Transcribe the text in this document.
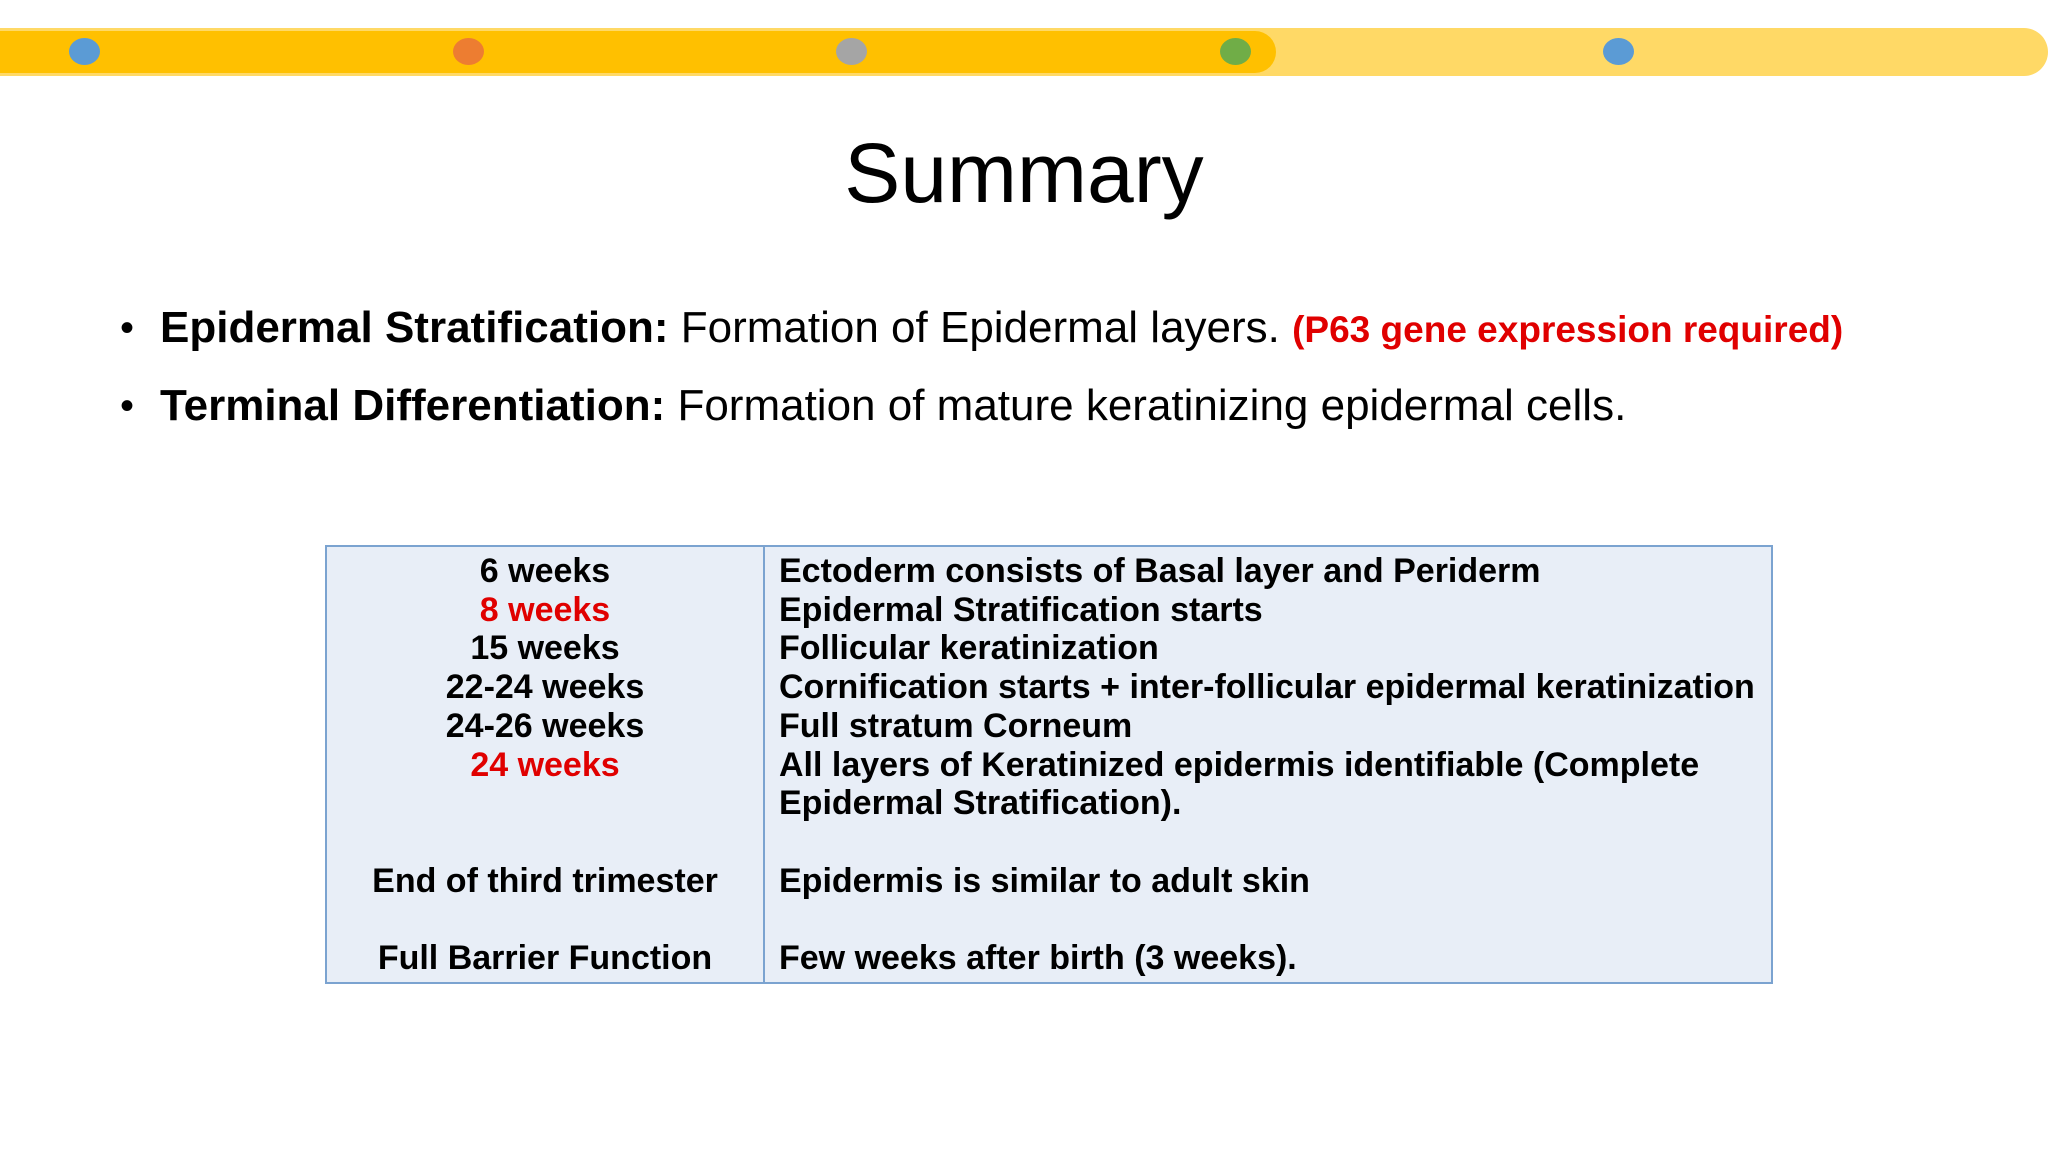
Summary
• Epidermal Stratification: Formation of Epidermal layers. (P63 gene expression required)
• Terminal Differentiation: Formation of mature keratinizing epidermal cells.
6 weeks
8 weeks
15 weeks
22-24 weeks
24-26 weeks
24 weeks
End of third trimester
Full Barrier Function
Ectoderm consists of Basal layer and Periderm
Epidermal Stratification starts
Follicular keratinization
Cornification starts + inter-follicular epidermal keratinization
Full stratum Corneum
All layers of Keratinized epidermis identifiable (Complete
Epidermal Stratification).
Epidermis is similar to adult skin
Few weeks after birth (3 weeks).
